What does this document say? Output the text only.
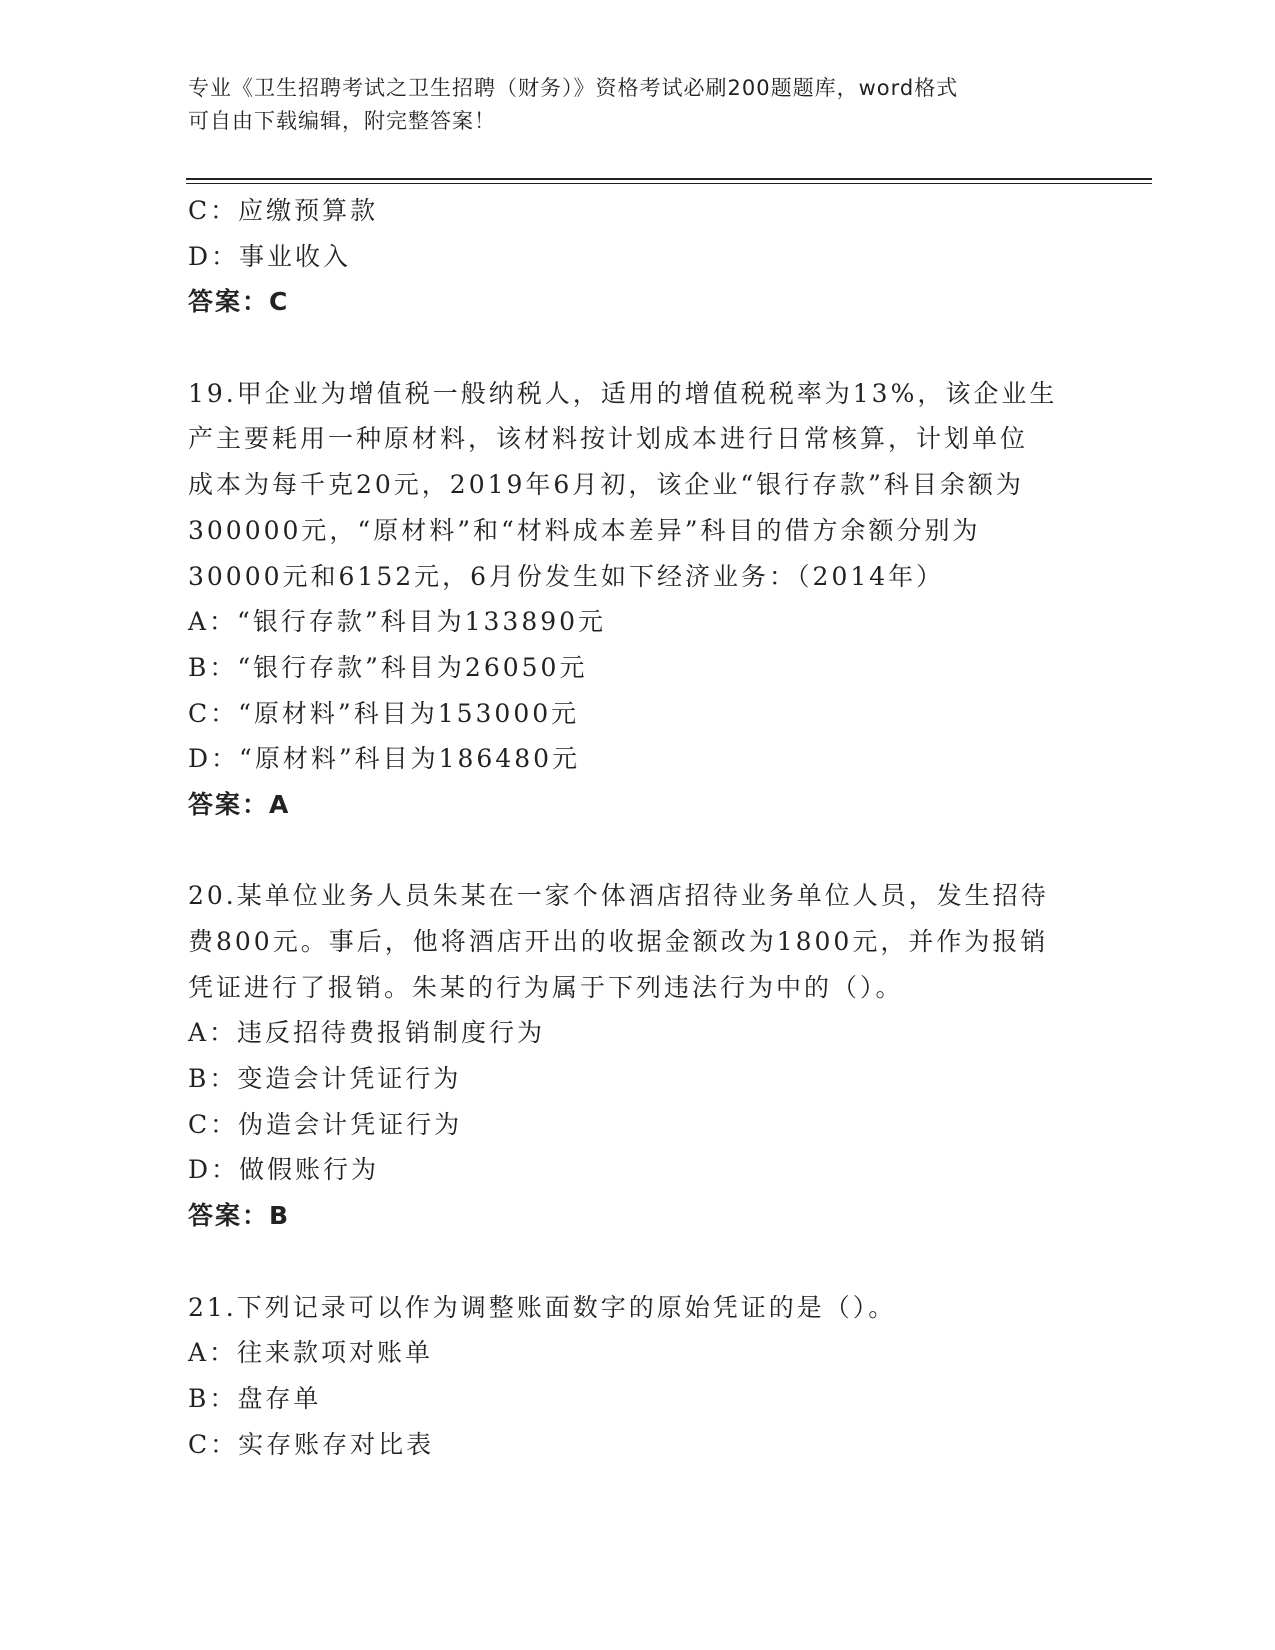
专业《卫生招聘考试之卫生招聘（财务）》资格考试必刷200题题库，word格式
可自由下载编辑，附完整答案！
C：应缴预算款
D：事业收入
答案：C
19.甲企业为增值税一般纳税人，适用的增值税税率为13%，该企业生
产主要耗用一种原材料，该材料按计划成本进行日常核算，计划单位
成本为每千克20元，2019年6月初，该企业“银行存款”科目余额为
300000元，“原材料”和“材料成本差异”科目的借方余额分别为
30000元和6152元，6月份发生如下经济业务：（2014年）
A：“银行存款”科目为133890元
B：“银行存款”科目为26050元
C：“原材料”科目为153000元
D：“原材料”科目为186480元
答案：A
20.某单位业务人员朱某在一家个体酒店招待业务单位人员，发生招待
费800元。事后，他将酒店开出的收据金额改为1800元，并作为报销
凭证进行了报销。朱某的行为属于下列违法行为中的（）。
A：违反招待费报销制度行为
B：变造会计凭证行为
C：伪造会计凭证行为
D：做假账行为
答案：B
21.下列记录可以作为调整账面数字的原始凭证的是（）。
A：往来款项对账单
B：盘存单
C：实存账存对比表
